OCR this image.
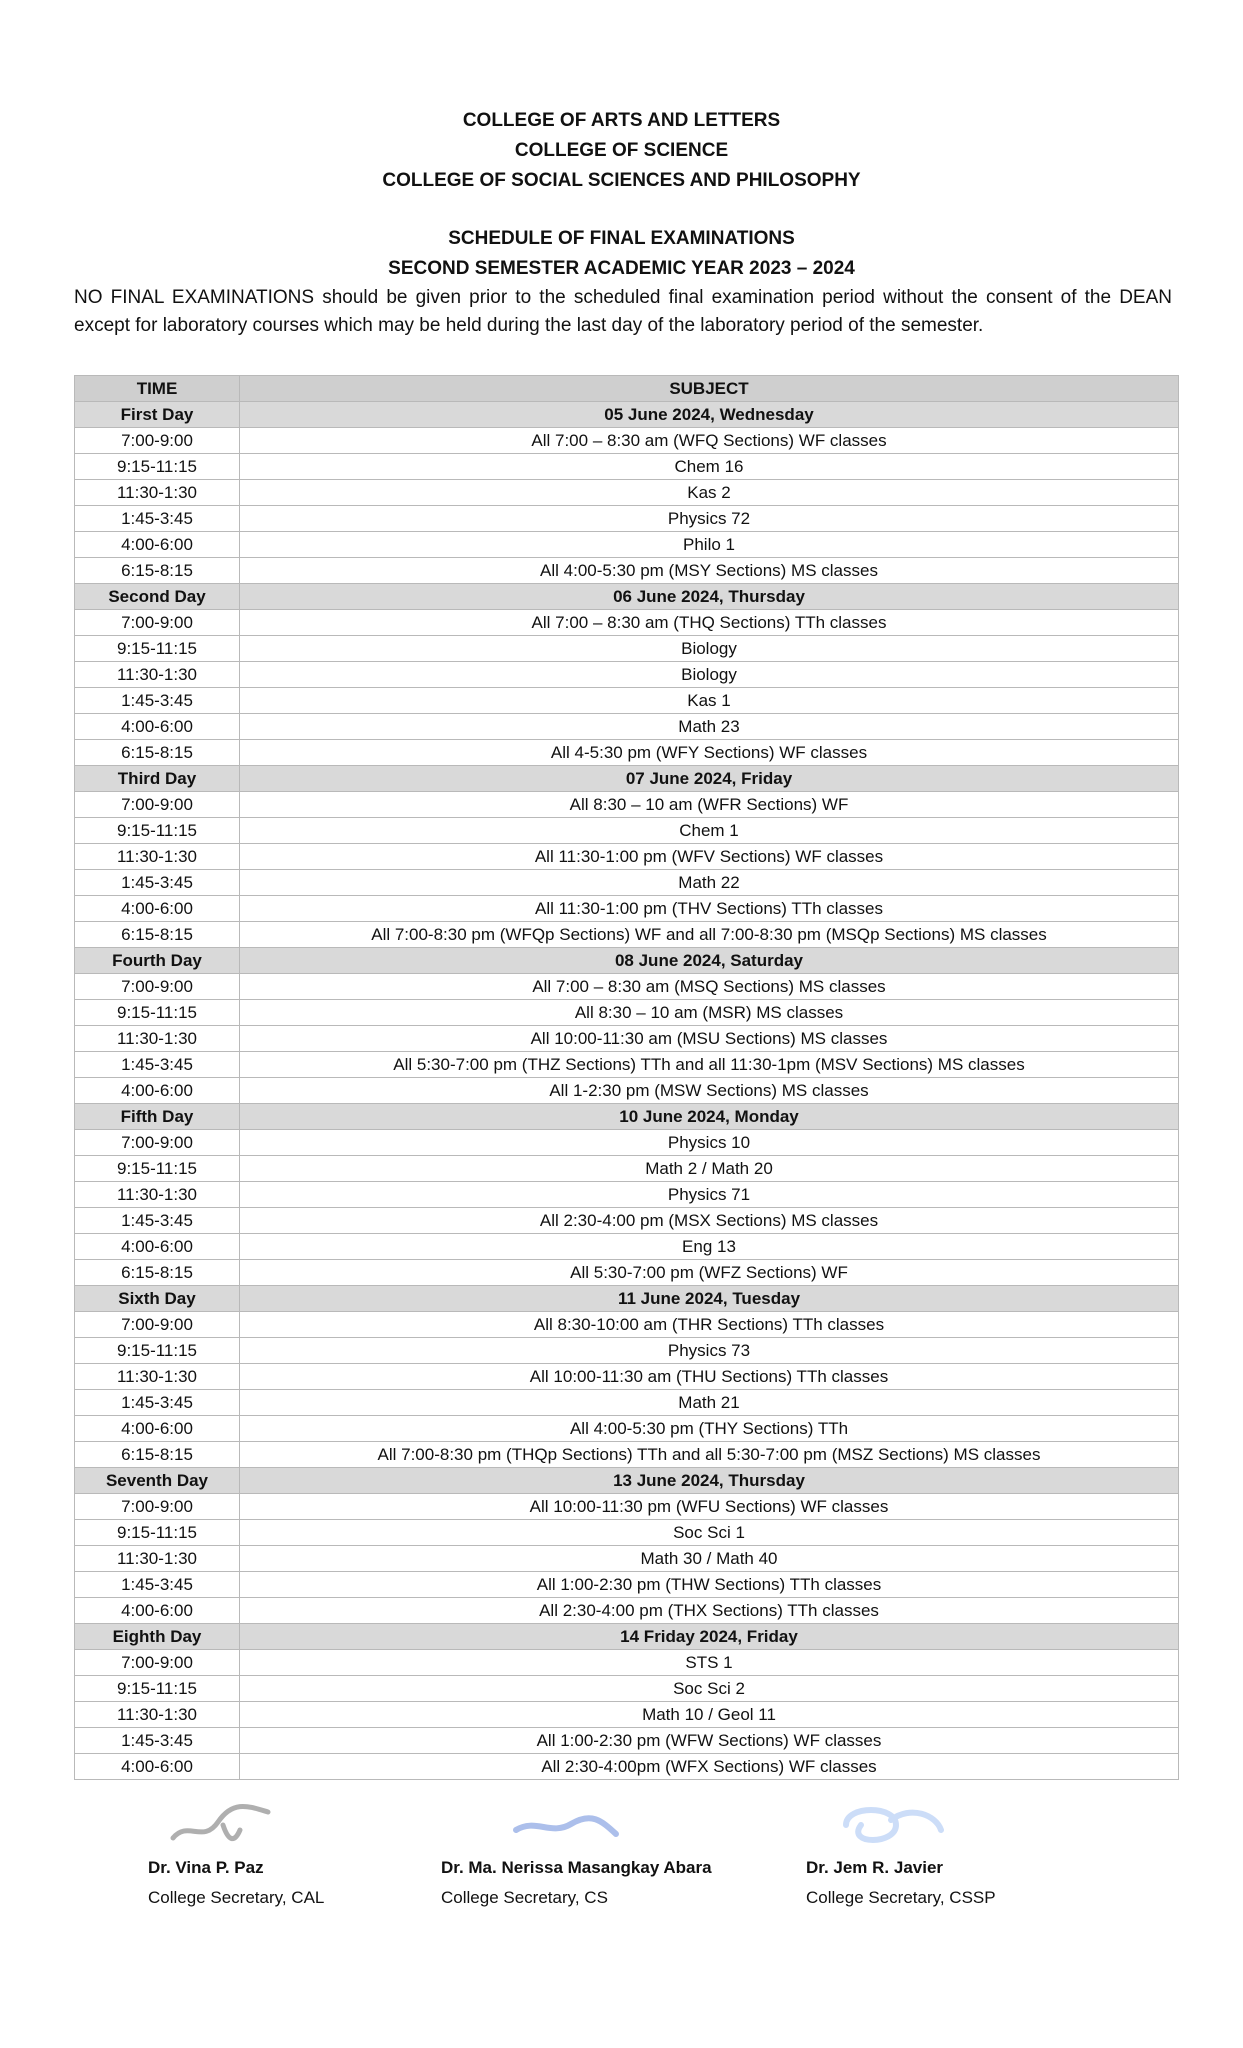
COLLEGE OF ARTS AND LETTERS
COLLEGE OF SCIENCE
COLLEGE OF SOCIAL SCIENCES AND PHILOSOPHY
SCHEDULE OF FINAL EXAMINATIONS
SECOND SEMESTER ACADEMIC YEAR 2023 – 2024
NO FINAL EXAMINATIONS should be given prior to the scheduled final examination period without the consent of the DEAN except for laboratory courses which may be held during the last day of the laboratory period of the semester.
TIME	SUBJECT
First Day	05 June 2024, Wednesday
7:00-9:00	All 7:00 – 8:30 am (WFQ Sections) WF classes
9:15-11:15	Chem 16
11:30-1:30	Kas 2
1:45-3:45	Physics 72
4:00-6:00	Philo 1
6:15-8:15	All 4:00-5:30 pm (MSY Sections) MS classes
Second Day	06 June 2024, Thursday
7:00-9:00	All 7:00 – 8:30 am (THQ Sections) TTh classes
9:15-11:15	Biology
11:30-1:30	Biology
1:45-3:45	Kas 1
4:00-6:00	Math 23
6:15-8:15	All 4-5:30 pm (WFY Sections) WF classes
Third Day	07 June 2024, Friday
7:00-9:00	All 8:30 – 10 am (WFR Sections) WF
9:15-11:15	Chem 1
11:30-1:30	All 11:30-1:00 pm (WFV Sections) WF classes
1:45-3:45	Math 22
4:00-6:00	All 11:30-1:00 pm (THV Sections) TTh classes
6:15-8:15	All 7:00-8:30 pm (WFQp Sections) WF and all 7:00-8:30 pm (MSQp Sections) MS classes
Fourth Day	08 June 2024, Saturday
7:00-9:00	All 7:00 – 8:30 am (MSQ Sections) MS classes
9:15-11:15	All 8:30 – 10 am (MSR) MS classes
11:30-1:30	All 10:00-11:30 am (MSU Sections) MS classes
1:45-3:45	All 5:30-7:00 pm (THZ Sections) TTh and all 11:30-1pm (MSV Sections) MS classes
4:00-6:00	All 1-2:30 pm (MSW Sections) MS classes
Fifth Day	10 June 2024, Monday
7:00-9:00	Physics 10
9:15-11:15	Math 2 / Math 20
11:30-1:30	Physics 71
1:45-3:45	All 2:30-4:00 pm (MSX Sections) MS classes
4:00-6:00	Eng 13
6:15-8:15	All 5:30-7:00 pm (WFZ Sections) WF
Sixth Day	11 June 2024, Tuesday
7:00-9:00	All 8:30-10:00 am (THR Sections) TTh classes
9:15-11:15	Physics 73
11:30-1:30	All 10:00-11:30 am (THU Sections) TTh classes
1:45-3:45	Math 21
4:00-6:00	All 4:00-5:30 pm (THY Sections) TTh
6:15-8:15	All 7:00-8:30 pm (THQp Sections) TTh and all 5:30-7:00 pm (MSZ Sections) MS classes
Seventh Day	13 June 2024, Thursday
7:00-9:00	All 10:00-11:30 pm (WFU Sections) WF classes
9:15-11:15	Soc Sci 1
11:30-1:30	Math 30 / Math 40
1:45-3:45	All 1:00-2:30 pm (THW Sections) TTh classes
4:00-6:00	All 2:30-4:00 pm (THX Sections) TTh classes
Eighth Day	14 Friday 2024, Friday
7:00-9:00	STS 1
9:15-11:15	Soc Sci 2
11:30-1:30	Math 10 / Geol 11
1:45-3:45	All 1:00-2:30 pm (WFW Sections) WF classes
4:00-6:00	All 2:30-4:00pm (WFX Sections) WF classes
Dr. Vina P. Paz
College Secretary, CAL
Dr. Ma. Nerissa Masangkay Abara
College Secretary, CS
Dr. Jem R. Javier
College Secretary, CSSP
